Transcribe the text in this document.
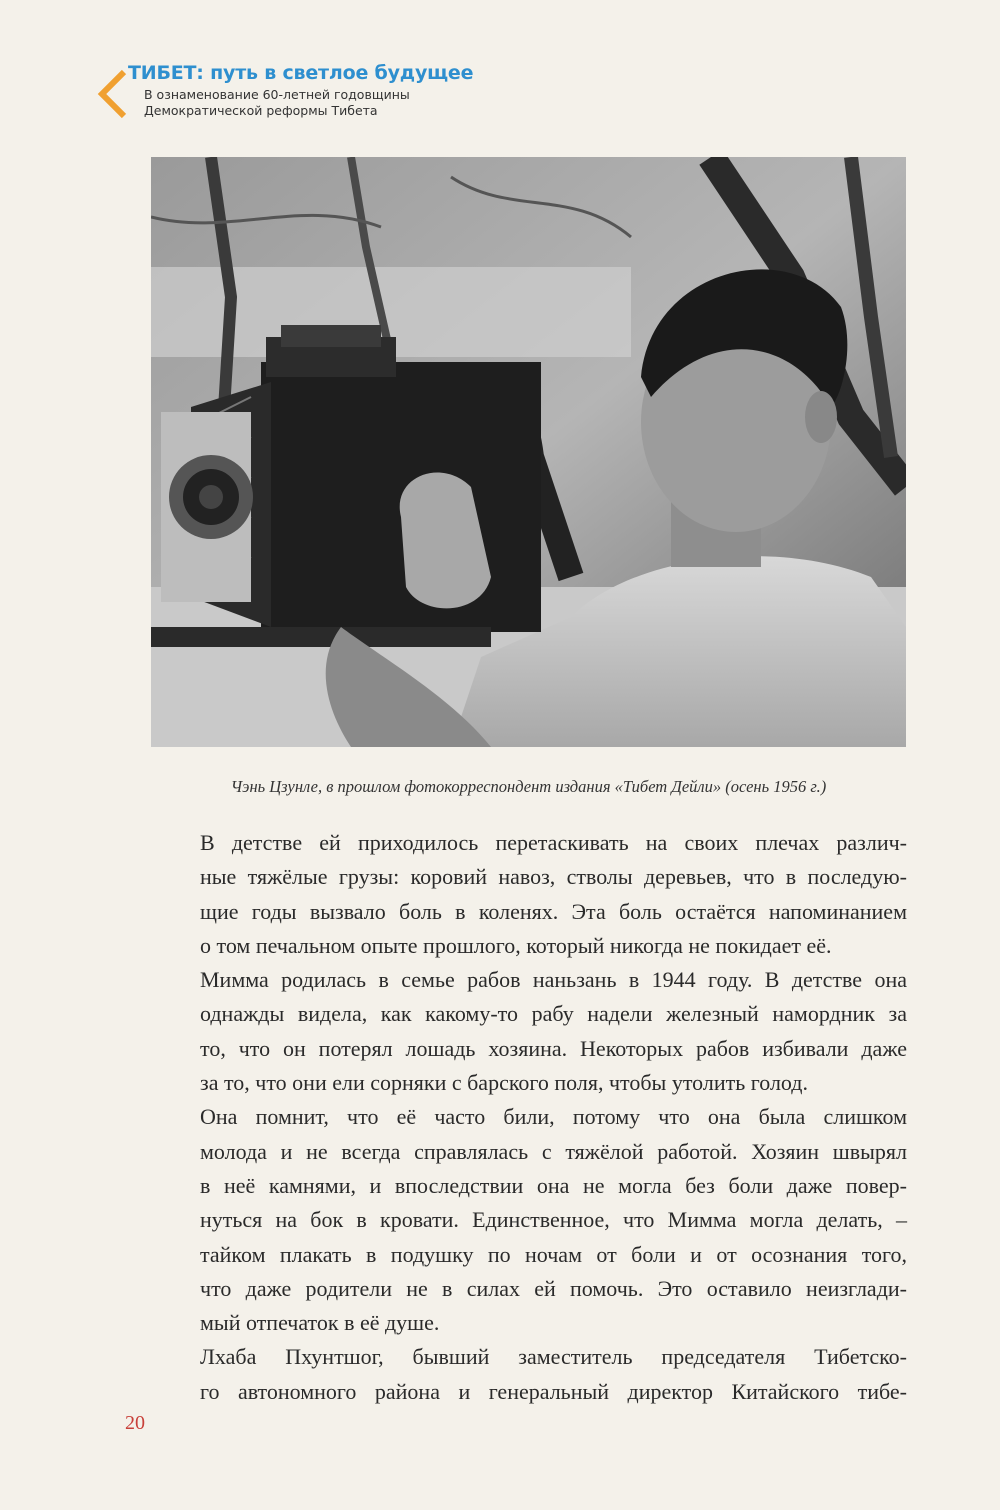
ТИБЕТ: путь в светлое будущее

В ознаменование 60-летней годовщины

Демократической реформы Тибета

Чэнь Цзунле, в прошлом фотокорреспондент издания «Тибет Дейли» (осень 1956 г.)

В детстве ей приходилось перетаскивать на своих плечах различ-
ные тяжёлые грузы: коровий навоз, стволы деревьев, что в последую-
щие годы вызвало боль в коленях. Эта боль остаётся напоминанием
о том печальном опыте прошлого, который никогда не покидает её.

Мимма родилась в семье рабов наньзань в 1944 году. В детстве она
однажды видела, как какому-то рабу надели железный намордник за
то, что он потерял лошадь хозяина. Некоторых рабов избивали даже
за то, что они ели сорняки с барского поля, чтобы утолить голод.

Она помнит, что её часто били, потому что она была слишком
молода и не всегда справлялась с тяжёлой работой. Хозяин швырял
в неё камнями, и впоследствии она не могла без боли даже повер-
нуться на бок в кровати. Единственное, что Мимма могла делать, –
тайком плакать в подушку по ночам от боли и от осознания того,
что даже родители не в силах ей помочь. Это оставило неизглади-
мый отпечаток в её душе.

Лхаба Пхунтшог, бывший заместитель председателя Тибетско-
го автономного района и генеральный директор Китайского тибе-

20
